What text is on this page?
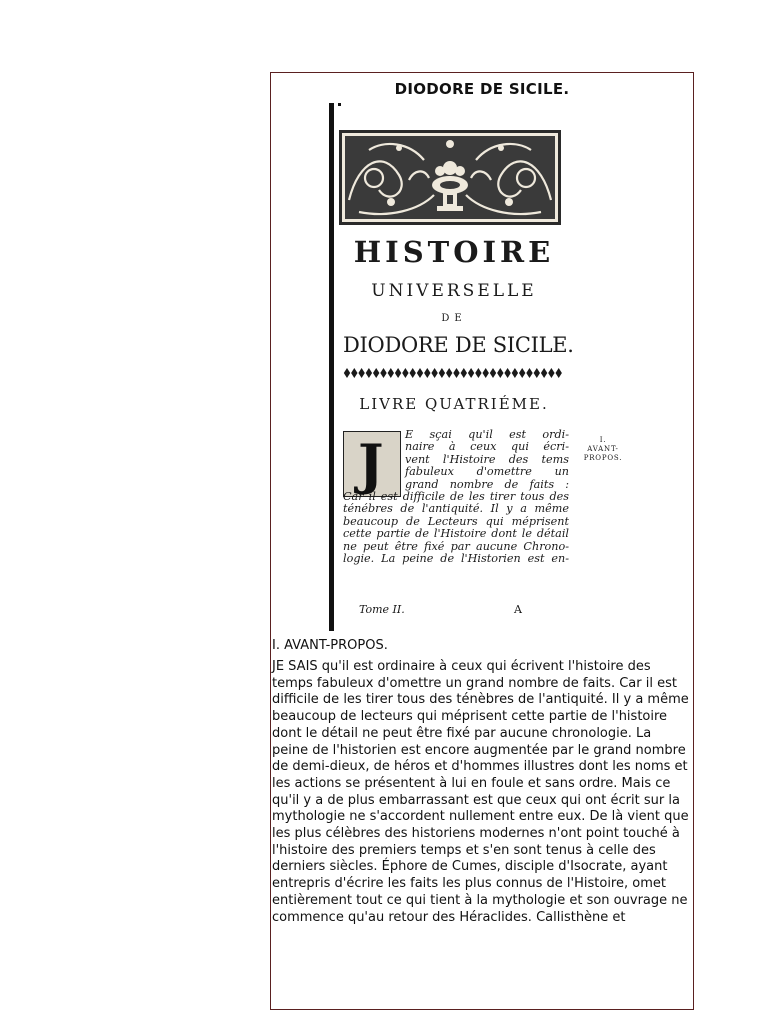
DIODORE DE SICILE.
HISTOIRE
UNIVERSELLE
DE
DIODORE DE SICILE.
LIVRE QUATRIÉME.
J	E sçai qu'il est ordi-
naire à ceux qui écri-
vent l'Histoire des tems
fabuleux d'omettre un
grand nombre de faits :
Car il est difficile de les tirer tous des
ténébres de l'antiquité. Il y a même
beaucoup de Lecteurs qui méprisent
cette partie de l'Histoire dont le détail
ne peut être fixé par aucune Chrono-
logie. La peine de l'Historien est en-
I.
AVANT-
PROPOS.
Tome II.	A
I. AVANT-PROPOS.
JE SAIS qu'il est ordinaire à ceux qui écrivent l'histoire des temps fabuleux d'omettre un grand nombre de faits. Car il est difficile de les tirer tous des ténèbres de l'antiquité. Il y a même beaucoup de lecteurs qui méprisent cette partie de l'histoire dont le détail ne peut être fixé par aucune chronologie. La peine de l'historien est encore augmentée par le grand nombre de demi-dieux, de héros et d'hommes illustres dont les noms et les actions se présentent à lui en foule et sans ordre. Mais ce qu'il y a de plus embarrassant est que ceux qui ont écrit sur la mythologie ne s'accordent nullement entre eux. De là vient que les plus célèbres des historiens modernes n'ont point touché à l'histoire des premiers temps et s'en sont tenus à celle des derniers siècles. Éphore de Cumes, disciple d'Isocrate, ayant entrepris d'écrire les faits les plus connus de l'Histoire, omet entièrement tout ce qui tient à la mythologie et son ouvrage ne commence qu'au retour des Héraclides. Callisthène et
